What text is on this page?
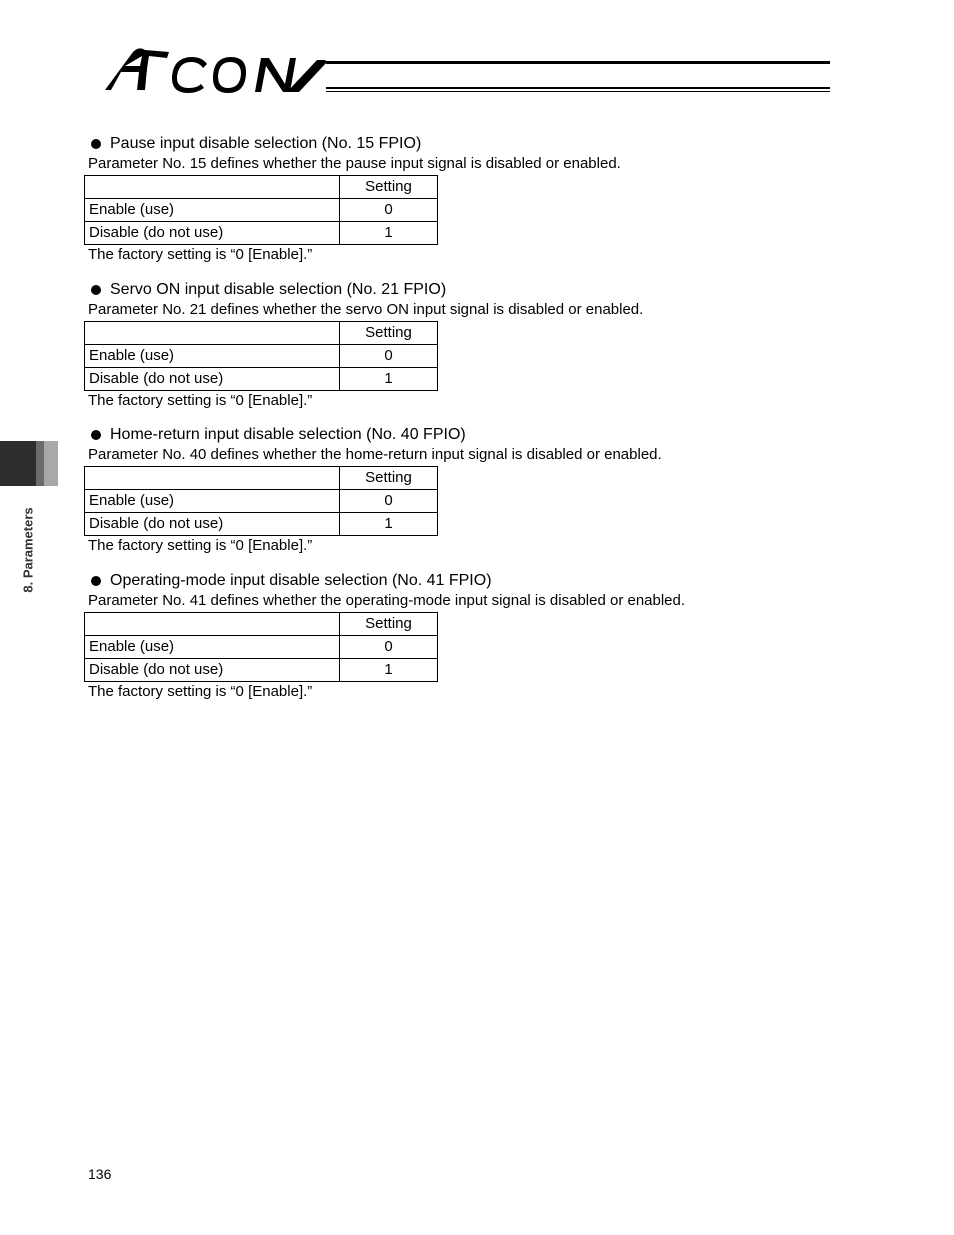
8. Parameters
Pause input disable selection (No. 15 FPIO)
Parameter No. 15 defines whether the pause input signal is disabled or enabled.
	Setting
Enable (use)	0
Disable (do not use)	1
The factory setting is “0 [Enable].”
Servo ON input disable selection (No. 21 FPIO)
Parameter No. 21 defines whether the servo ON input signal is disabled or enabled.
	Setting
Enable (use)	0
Disable (do not use)	1
The factory setting is “0 [Enable].”
Home-return input disable selection (No. 40 FPIO)
Parameter No. 40 defines whether the home-return input signal is disabled or enabled.
	Setting
Enable (use)	0
Disable (do not use)	1
The factory setting is “0 [Enable].”
Operating-mode input disable selection (No. 41 FPIO)
Parameter No. 41 defines whether the operating-mode input signal is disabled or enabled.
	Setting
Enable (use)	0
Disable (do not use)	1
The factory setting is “0 [Enable].”
136
